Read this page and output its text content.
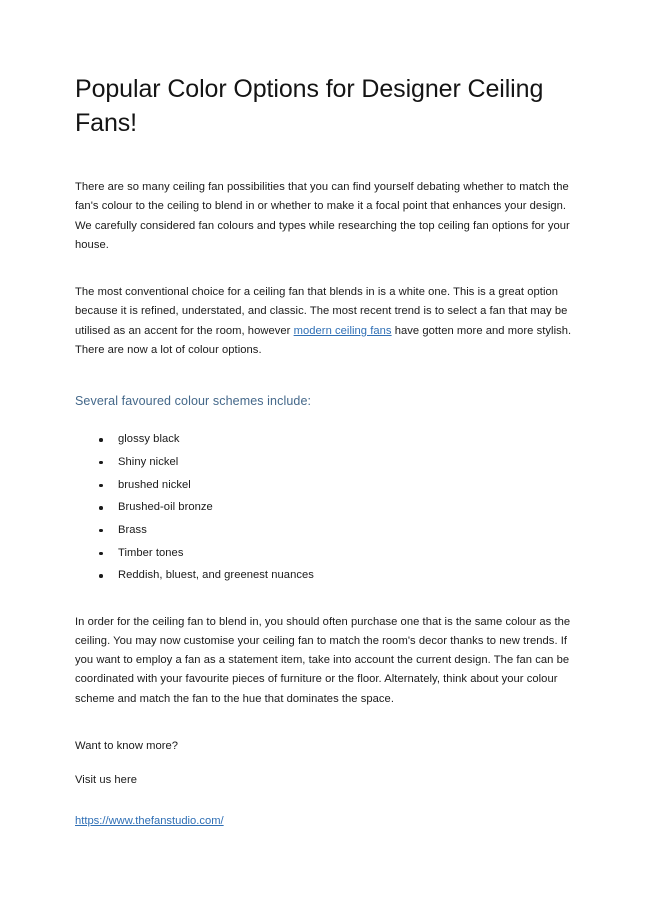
Popular Color Options for Designer Ceiling Fans!

There are so many ceiling fan possibilities that you can find yourself debating whether to match the fan's colour to the ceiling to blend in or whether to make it a focal point that enhances your design. We carefully considered fan colours and types while researching the top ceiling fan options for your house.

The most conventional choice for a ceiling fan that blends in is a white one. This is a great option because it is refined, understated, and classic. The most recent trend is to select a fan that may be utilised as an accent for the room, however modern ceiling fans have gotten more and more stylish. There are now a lot of colour options.

Several favoured colour schemes include:
glossy black
Shiny nickel
brushed nickel
Brushed-oil bronze
Brass
Timber tones
Reddish, bluest, and greenest nuances

In order for the ceiling fan to blend in, you should often purchase one that is the same colour as the ceiling. You may now customise your ceiling fan to match the room's decor thanks to new trends. If you want to employ a fan as a statement item, take into account the current design. The fan can be coordinated with your favourite pieces of furniture or the floor. Alternately, think about your colour scheme and match the fan to the hue that dominates the space.

Want to know more?

Visit us here

https://www.thefanstudio.com/
